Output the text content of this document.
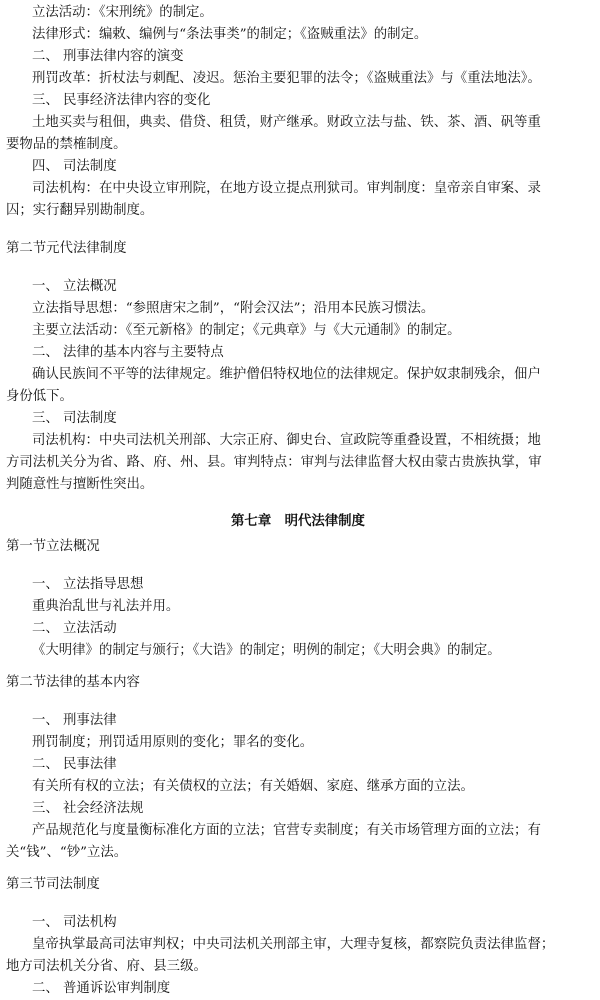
立法活动：《宋刑统》的制定。
法律形式：编敕、编例与“条法事类”的制定；《盗贼重法》的制定。
二、 刑事法律内容的演变
刑罚改革：折杖法与刺配、凌迟。惩治主要犯罪的法令；《盗贼重法》与《重法地法》。
三、 民事经济法律内容的变化
土地买卖与租佃，典卖、借贷、租赁，财产继承。财政立法与盐、铁、茶、酒、矾等重
要物品的禁榷制度。
四、 司法制度
司法机构：在中央设立审刑院，在地方设立提点刑狱司。审判制度：皇帝亲自审案、录
囚；实行翻异别勘制度。
第二节元代法律制度
一、 立法概况
立法指导思想：“参照唐宋之制”，“附会汉法”；沿用本民族习惯法。
主要立法活动：《至元新格》的制定；《元典章》与《大元通制》的制定。
二、 法律的基本内容与主要特点
确认民族间不平等的法律规定。维护僧侣特权地位的法律规定。保护奴隶制残余，佃户
身份低下。
三、 司法制度
司法机构：中央司法机关刑部、大宗正府、御史台、宣政院等重叠设置，不相统摄；地
方司法机关分为省、路、府、州、县。审判特点：审判与法律监督大权由蒙古贵族执掌，审
判随意性与擅断性突出。
第七章　明代法律制度
第一节立法概况
一、 立法指导思想
重典治乱世与礼法并用。
二、 立法活动
《大明律》的制定与颁行；《大诰》的制定；明例的制定；《大明会典》的制定。
第二节法律的基本内容
一、 刑事法律
刑罚制度；刑罚适用原则的变化；罪名的变化。
二、 民事法律
有关所有权的立法；有关债权的立法；有关婚姻、家庭、继承方面的立法。
三、 社会经济法规
产品规范化与度量衡标准化方面的立法；官营专卖制度；有关市场管理方面的立法；有
关“钱”、“钞”立法。
第三节司法制度
一、 司法机构
皇帝执掌最高司法审判权；中央司法机关刑部主审，大理寺复核，都察院负责法律监督；
地方司法机关分省、府、县三级。
二、 普通诉讼审判制度
